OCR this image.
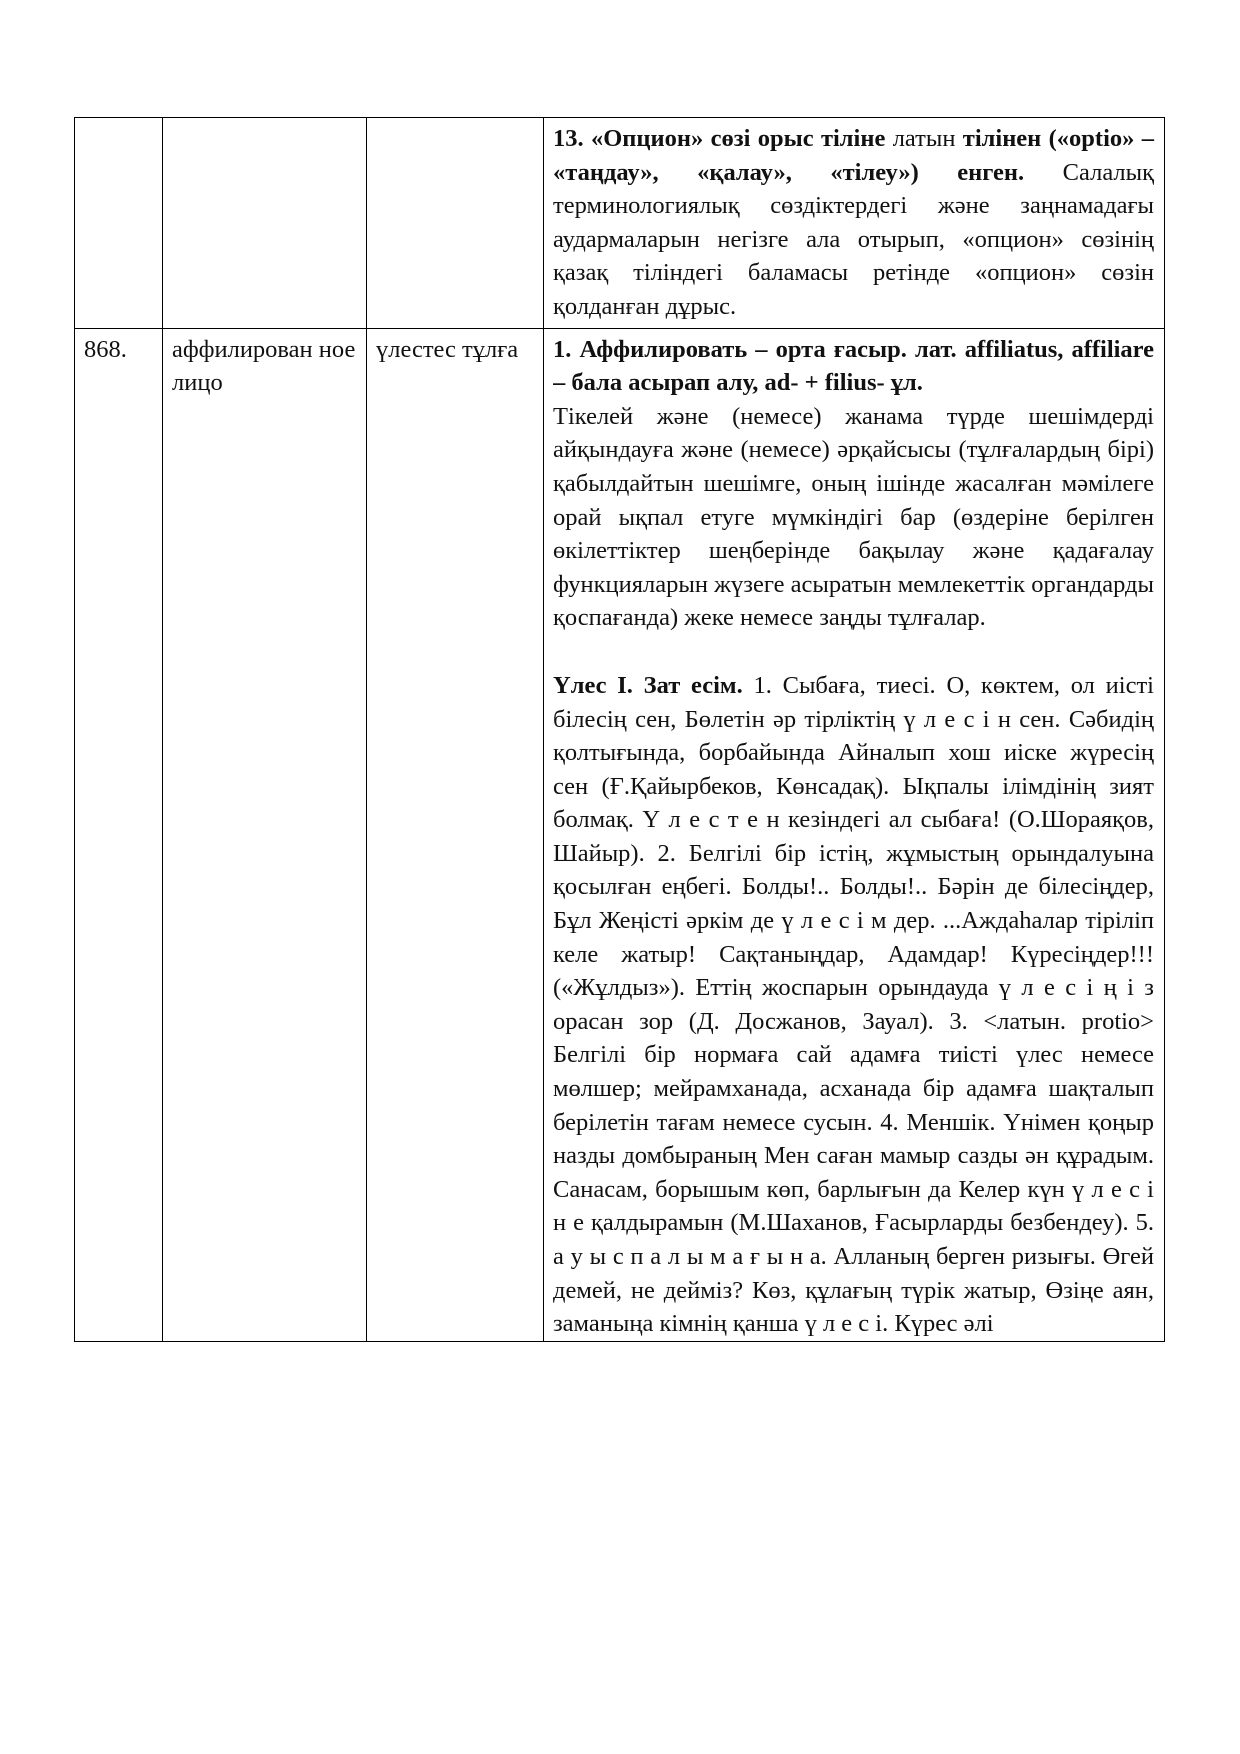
			13. «Опцион» сөзі орыс тіліне латын тілінен («optio» – «таңдау», «қалау», «тілеу») енген. Салалық терминологиялық сөздіктердегі және заңнамадағы аудармаларын негізге ала отырып, «опцион» сөзінің қазақ тіліндегі баламасы ретінде «опцион» сөзін қолданған дұрыс.

868.	аффилирован ное лицо	үлестес тұлға	1. Аффилировать – орта ғасыр. лат. affiliatus, affiliare – бала асырап алу, ad- + filius- ұл.

Тікелей және (немесе) жанама түрде шешімдерді айқындауға және (немесе) әрқайсысы (тұлғалардың бірі) қабылдайтын шешімге, оның ішінде жасалған мәмілеге орай ықпал етуге мүмкіндігі бар (өздеріне берілген өкілеттіктер шеңберінде бақылау және қадағалау функцияларын жүзеге асыратын мемлекеттік органдарды қоспағанда) жеке немесе заңды тұлғалар.

Үлес I. Зат есім. 1. Сыбаға, тиесі. О, көктем, ол иісті білесің сен, Бөлетін әр тірліктің ү л е с і н сен. Сәбидің қолтығында, борбайында Айналып хош иіске жүресің сен (Ғ.Қайырбеков, Көнсадақ). Ықпалы ілімдінің зият болмақ. Ү л е с т е н кезіндегі ал сыбаға! (О.Шораяқов, Шайыр). 2. Белгілі бір істің, жұмыстың орындалуына қосылған еңбегі. Болды!.. Болды!.. Бәрін де білесіңдер, Бұл Жеңісті әркім де ү л е с і м дер. ...Аждаһалар тіріліп келе жатыр! Сақтаныңдар, Адамдар! Күресіңдер!!! («Жұлдыз»). Еттің жоспарын орындауда ү л е с і ң і з орасан зор (Д. Досжанов, Зауал). 3. <латын. protio> Белгілі бір нормаға сай адамға тиісті үлес немесе мөлшер; мейрамханада, асханада бір адамға шақталып берілетін тағам немесе сусын. 4. Меншік. Үнімен қоңыр назды домбыраның Мен саған мамыр сазды ән құрадым. Санасам, борышым көп, барлығын да Келер күн ү л е с і н е қалдырамын (М.Шаханов, Ғасырларды безбендеу). 5. а у ы с п а л ы м а ғ ы н а. Алланың берген ризығы. Өгей демей, не дейміз? Көз, құлағың түрік жатыр, Өзіңе аян, заманыңа кімнің қанша ү л е с і. Күрес әлі
